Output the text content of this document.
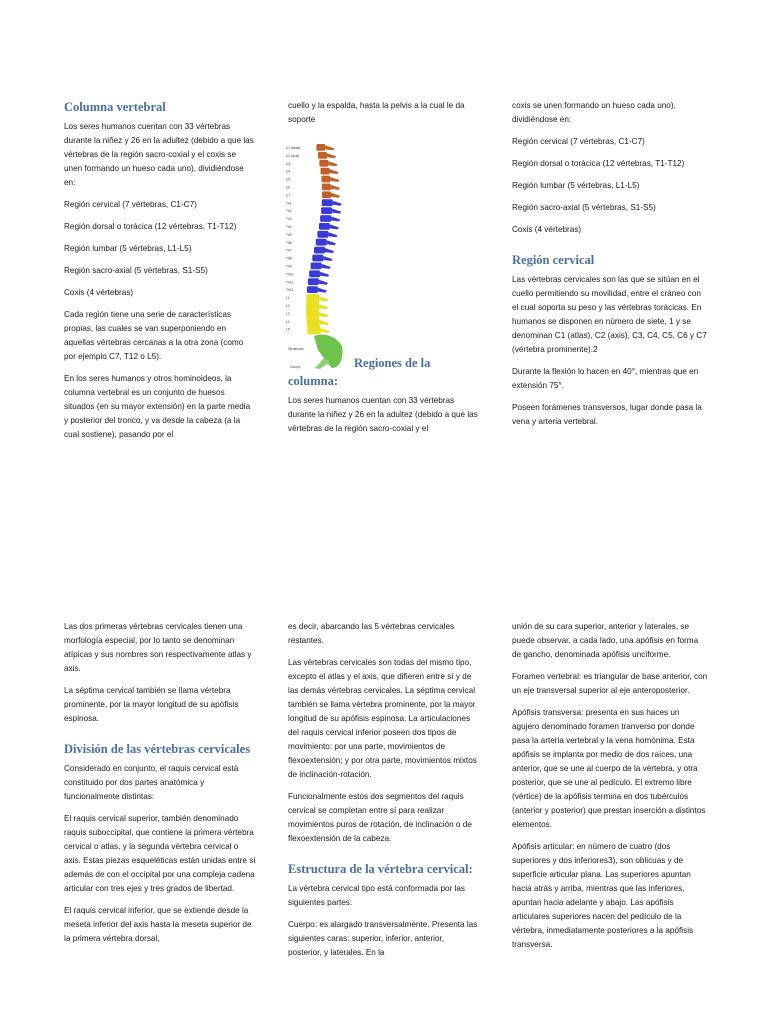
Columna vertebral

Los seres humanos cuentan con 33 vértebras durante la niñez y 26 en la adultez (debido a que las vértebras de la región sacro-coxial y el coxis se unen formando un hueso cada uno), dividiéndose en:

Región cervical (7 vértebras, C1-C7)

Región dorsal o torácica (12 vértebras, T1-T12)

Región lumbar (5 vértebras, L1-L5)

Región sacro-axial (5 vértebras, S1-S5)

Coxis (4 vértebras)

Cada región tiene una serie de características propias, las cuales se van superponiendo en aquellas vértebras cercanas a la otra zona (como por ejemplo C7, T12 o L5).

En los seres humanos y otros hominoideos, la columna vertebral es un conjunto de huesos situados (en su mayor extensión) en la parte media y posterior del tronco, y va desde la cabeza (a la cual sostiene), pasando por el

cuello y la espalda, hasta la pelvis a la cual le da soporte

C1 (Atlas)
C2 (Axis)
C3
C4
C5
C6
C7
Th1
Th2
Th3
Th4
Th5
Th6
Th7
Th8
Th9
Th10
Th11
Th12
L1
L2
L3
L4
L5
Os sacrum
Coccyx	Regiones de la columna:

Los seres humanos cuentan con 33 vértebras durante la niñez y 26 en la adultez (debido a que las vértebras de la región sacro-coxial y el

coxis se unen formando un hueso cada uno), dividiéndose en:

Región cervical (7 vértebras, C1-C7)

Región dorsal o torácica (12 vértebras, T1-T12)

Región lumbar (5 vértebras, L1-L5)

Región sacro-axial (5 vértebras, S1-S5)

Coxis (4 vértebras)

Región cervical

Las vértebras cervicales son las que se sitúan en el cuello permitiendo su movilidad, entre el cráneo con el cual soporta su peso y las vértebras torácicas. En humanos se disponen en número de siete, 1 y se denominan C1 (atlas), C2 (axis), C3, C4, C5, C6 y C7 (vértebra prominente).2

Durante la flexión lo hacen en 40°, mientras que en extensión 75°.

Poseen forámenes transversos, lugar donde pasa la vena y arteria vertebral.

Las dos primeras vértebras cervicales tienen una morfología especial, por lo tanto se denominan atípicas y sus nombres son respectivamente atlas y axis.

La séptima cervical también se llama vértebra prominente, por la mayor longitud de su apófisis espinosa.

División de las vértebras cervicales

Considerado en conjunto, el raquis cervical está constituido por dos partes anatómica y funcionalmente distintas:

El raquis cervical superior, también denominado raquis suboccipital, que contiene la primera vértebra cervical o atlas, y la segunda vértebra cervical o axis. Estas piezas esqueléticas están unidas entre sí además de con el occipital por una compleja cadena articular con tres ejes y tres grados de libertad.

El raquis cervical inferior, que se extiende desde la meseta inferior del axis hasta la meseta superior de la primera vértebra dorsal,

es decir, abarcando las 5 vértebras cervicales restantes.

Las vértebras cervicales son todas del mismo tipo, excepto el atlas y el axis, que difieren entre sí y de las demás vértebras cervicales. La séptima cervical también se llama vértebra prominente, por la mayor longitud de su apófisis espinosa. La articulaciones del raquis cervical inferior poseen dos tipos de movimiento: por una parte, movimientos de flexoextensión; y por otra parte, movimientos mixtos de inclinación-rotación.

Funcionalmente estos dos segmentos del raquis cervical se completan entre sí para realizar movimientos puros de rotación, de inclinación o de flexoextensión de la cabeza.

Estructura de la vértebra cervical:

La vértebra cervical tipo está conformada por las siguientes partes:

Cuerpo: es alargado transversalmente. Presenta las siguientes caras: superior, inferior, anterior, posterior, y laterales. En la

unión de su cara superior, anterior y laterales, se puede observar, a cada lado, una apófisis en forma de gancho, denominada apófisis unciforme.

Foramen vertebral: es triangular de base anterior, con un eje transversal superior al eje anteroposterior.

Apófisis transversa: presenta en sus haces un agujero denominado foramen tranverso por donde pasa la arteria vertebral y la vena homónima. Esta apófisis se implanta por medio de dos raíces, una anterior, que se une al cuerpo de la vértebra, y otra posterior, que se une al pedículo. El extremo libre (vértice) de la apófisis termina en dos tubérculos (anterior y posterior) que prestan inserción a distintos elementos.

Apófisis articular: en número de cuatro (dos superiores y dos inferiores3), son oblicuas y de superficie articular plana. Las superiores apuntan hacia atrás y arriba, mientras que las inferiores, apuntan hacia adelante y abajo. Las apófisis articulares superiores nacen del pedículo de la vértebra, inmediatamente posteriores a la apófisis transversa.
